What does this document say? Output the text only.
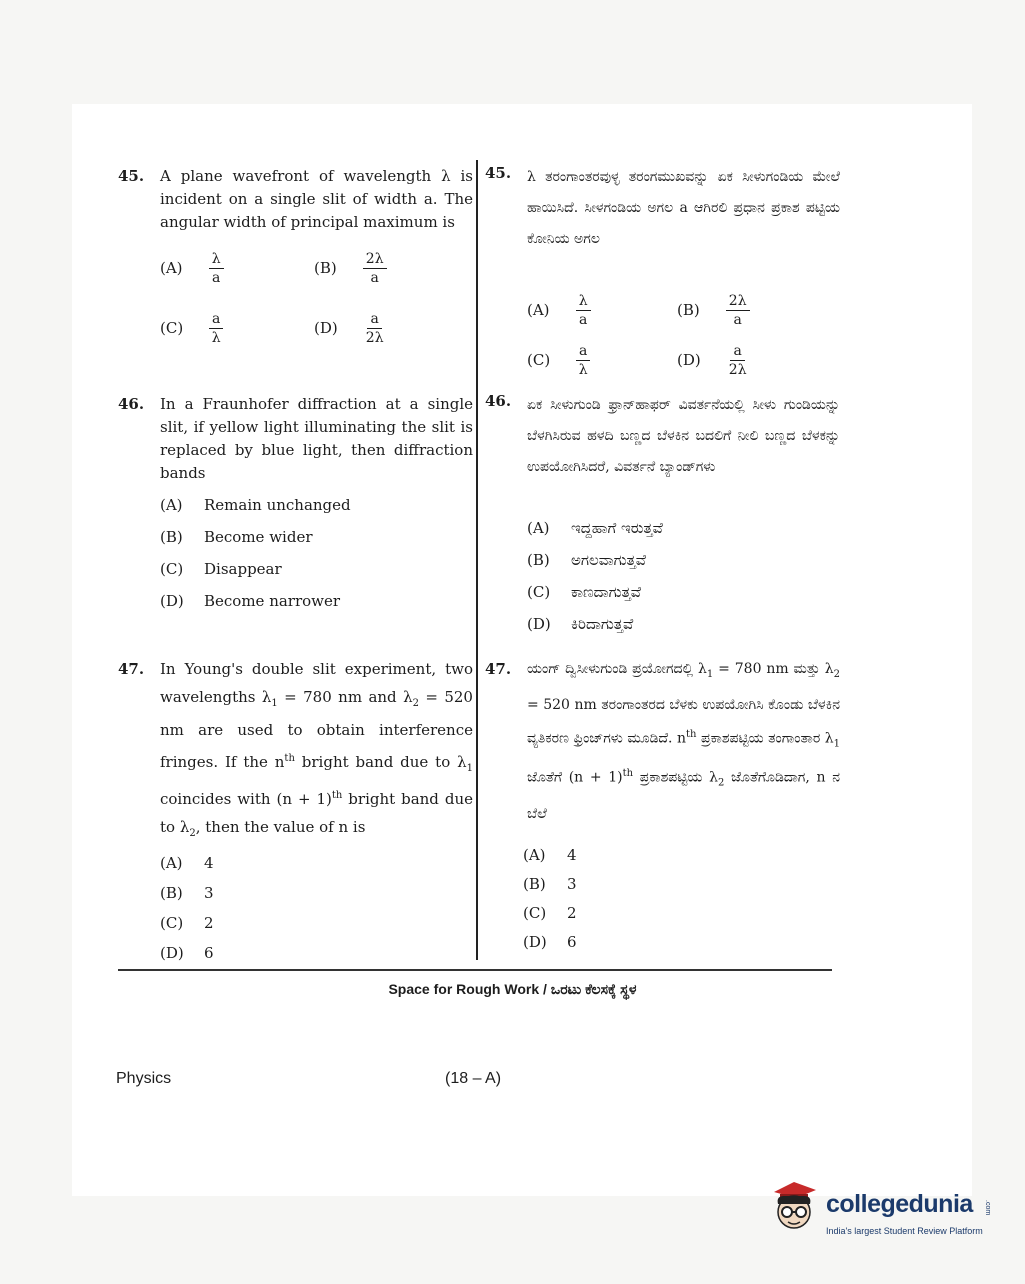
45.	A plane wavefront of wavelength λ is incident on a single slit of width a. The angular width of principal maximum is
$(A) \frac{\lambda}{a}$	$(B) \frac{2\lambda}{a}$
$(C) \frac{a}{\lambda}$	$(D) \frac{a}{2\lambda}$
46.	In a Fraunhofer diffraction at a single slit, if yellow light illuminating the slit is replaced by blue light, then diffraction bands
(A) Remain unchanged
(B) Become wider
(C) Disappear
(D) Become narrower
47.	In Young's double slit experiment, two wavelengths $\lambda_1 = 780$ nm and $\lambda_2 = 520$ nm are used to obtain interference fringes. If the $n^{th}$ bright band due to $\lambda_1$ coincides with $(n + 1)^{th}$ bright band due to $\lambda_2$, then the value of n is
(A) 4
(B) 3
(C) 2
(D) 6
45.	λ ತರಂಗಾಂತರವುಳ್ಳ ತರಂಗಮುಖವನ್ನು ಏಕ ಸೀಳುಗಂಡಿಯ ಮೇಲೆ ಹಾಯಿಸಿದೆ. ಸೀಳಗಂಡಿಯ ಅಗಲ a ಆಗಿರಲಿ ಪ್ರಧಾನ ಪ್ರಕಾಶ ಪಟ್ಟಿಯ ಕೋನಿಯ ಅಗಲ
$(A) \frac{\lambda}{a}$	$(B) \frac{2\lambda}{a}$
$(C) \frac{a}{\lambda}$	$(D) \frac{a}{2\lambda}$
46.	ಏಕ ಸೀಳುಗುಂಡಿ ಫ್ರಾನ್‌ಹಾಫರ್ ವಿವರ್ತನೆಯಲ್ಲಿ ಸೀಳು ಗುಂಡಿಯನ್ನು ಬೆಳಗಿಸಿರುವ ಹಳದಿ ಬಣ್ಣದ ಬೆಳಕಿನ ಬದಲಿಗೆ ನೀಲಿ ಬಣ್ಣದ ಬೆಳಕನ್ನು ಉಪಯೋಗಿಸಿದರೆ, ವಿವರ್ತನೆ ಬ್ಯಾಂಡ್‌ಗಳು
(A) ಇದ್ದಹಾಗೆ ಇರುತ್ತವೆ
(B) ಅಗಲವಾಗುತ್ತವೆ
(C) ಕಾಣದಾಗುತ್ತವೆ
(D) ಕಿರಿದಾಗುತ್ತವೆ
47.	ಯಂಗ್ ದ್ವಿಸೀಳುಗುಂಡಿ ಪ್ರಯೋಗದಲ್ಲಿ $\lambda_1 = 780$ nm ಮತ್ತು $\lambda_2 = 520$ nm ತರಂಗಾಂತರದ ಬೆಳಕು ಉಪಯೋಗಿಸಿ ಕೊಂಡು ಬೆಳಕಿನ ವ್ಯತಿಕರಣ ಫ್ರಿಂಜ್‌ಗಳು ಮೂಡಿದೆ. $n^{th}$ ಪ್ರಕಾಶಪಟ್ಟಿಯ ತಂಗಾಂತಾರ $\lambda_1$ ಜೊತೆಗೆ $(n + 1)^{th}$ ಪ್ರಕಾಶಪಟ್ಟಿಯ $\lambda_2$ ಜೊತೆಗೊಡಿದಾಗ, n ನ ಬೆಲೆ
(A) 4
(B) 3
(C) 2
(D) 6
Space for Rough Work / ಒರಟು ಕೆಲಸಕ್ಕೆ ಸ್ಥಳ
Physics	(18 – A)
collegedunia .com
India's largest Student Review Platform
